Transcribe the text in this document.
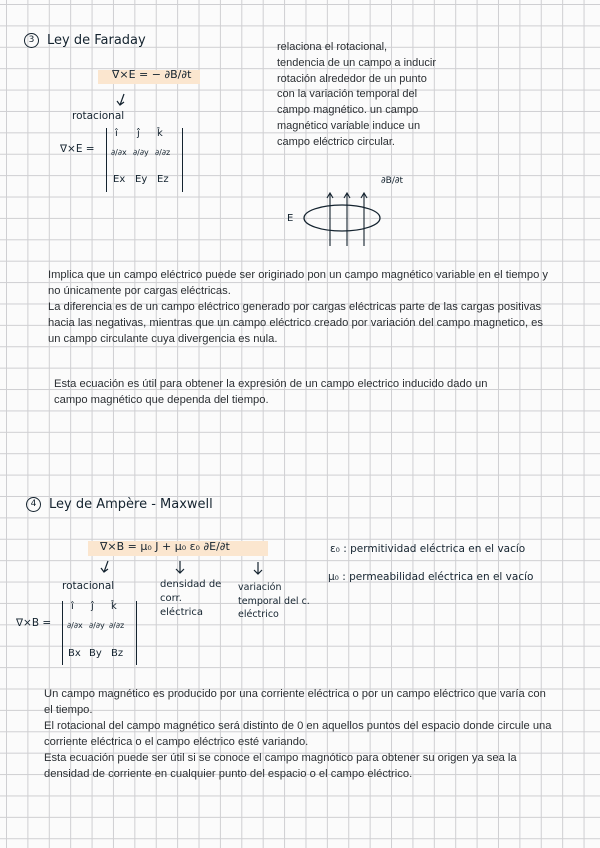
3 Ley de Faraday
∇×E = − ∂B/∂t
rotacional
∇×E =
î ĵ k̂
∂/∂x ∂/∂y ∂/∂z
Ex Ey Ez
relaciona el rotacional, tendencia de un campo a inducir rotación alrededor de un punto con la variación temporal del campo magnético. un campo magnético variable induce un campo eléctrico circular.
∂B/∂t
E
Implica que un campo eléctrico puede ser originado pon un campo magnético variable en el tiempo y no únicamente por cargas eléctricas.
La diferencia es de un campo eléctrico generado por cargas eléctricas parte de las cargas positivas hacia las negativas, mientras que un campo eléctrico creado por variación del campo magnetico, es un campo circulante cuya divergencia es nula.
Esta ecuación es útil para obtener la expresión de un campo electrico inducido dado un campo magnético que dependa del tiempo.
4 Ley de Ampère - Maxwell
∇×B = μ₀ J + μ₀ ε₀ ∂E/∂t
rotacional	densidad de corr. eléctrica
variación temporal del c. eléctrico
ε₀ : permitividad eléctrica en el vacío
μ₀ : permeabilidad eléctrica en el vacío
∇×B =
î ĵ k̂
∂/∂x ∂/∂y ∂/∂z
Bx By Bz
Un campo magnético es producido por una corriente eléctrica o por un campo eléctrico que varía con el tiempo.
El rotacional del campo magnético será distinto de 0 en aquellos puntos del espacio donde circule una corriente eléctrica o el campo eléctrico esté variando.
Esta ecuación puede ser útil si se conoce el campo magnótico para obtener su origen ya sea la densidad de corriente en cualquier punto del espacio o el campo eléctrico.
